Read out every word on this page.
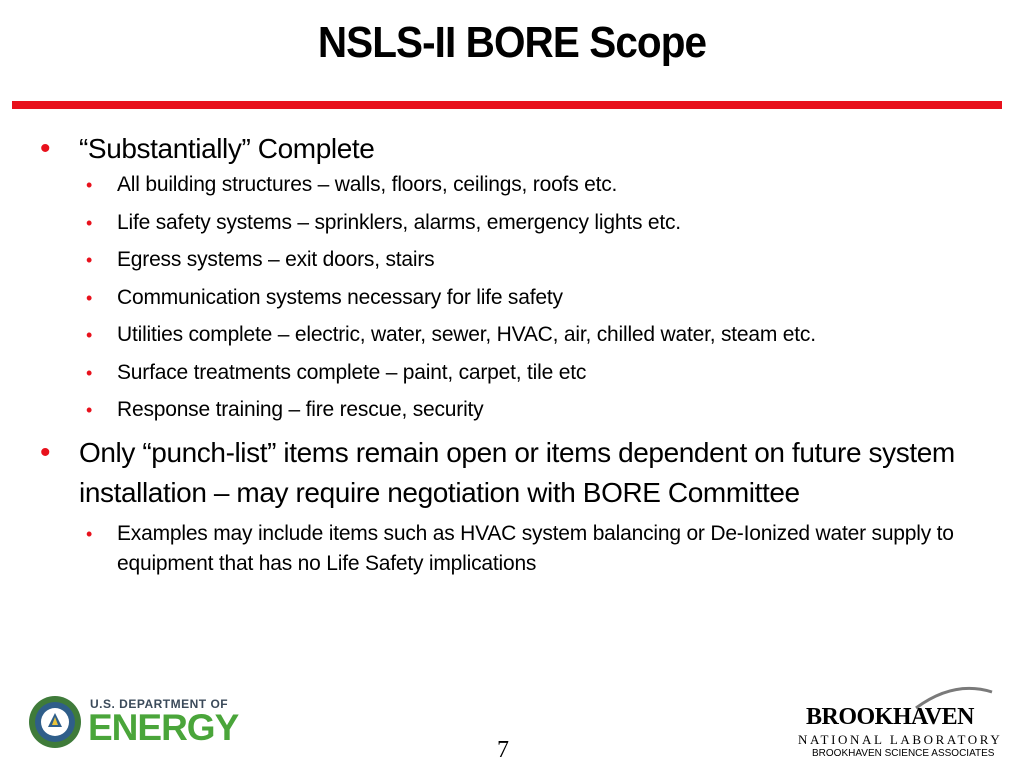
NSLS-II BORE Scope
• “Substantially” Complete
• All building structures – walls, floors, ceilings, roofs etc.
• Life safety systems – sprinklers, alarms, emergency lights etc.
• Egress systems – exit doors, stairs
• Communication systems necessary for life safety
• Utilities complete – electric, water, sewer, HVAC, air, chilled water, steam etc.
• Surface treatments complete – paint, carpet, tile etc
• Response training – fire rescue, security
• Only “punch-list” items remain open or items dependent on future system installation – may require negotiation with BORE Committee
• Examples may include items such as HVAC system balancing or De-Ionized water supply to equipment that has no Life Safety implications
U.S. DEPARTMENT OF
ENERGY
7
BROOKHAVEN
NATIONAL LABORATORY
BROOKHAVEN SCIENCE ASSOCIATES
